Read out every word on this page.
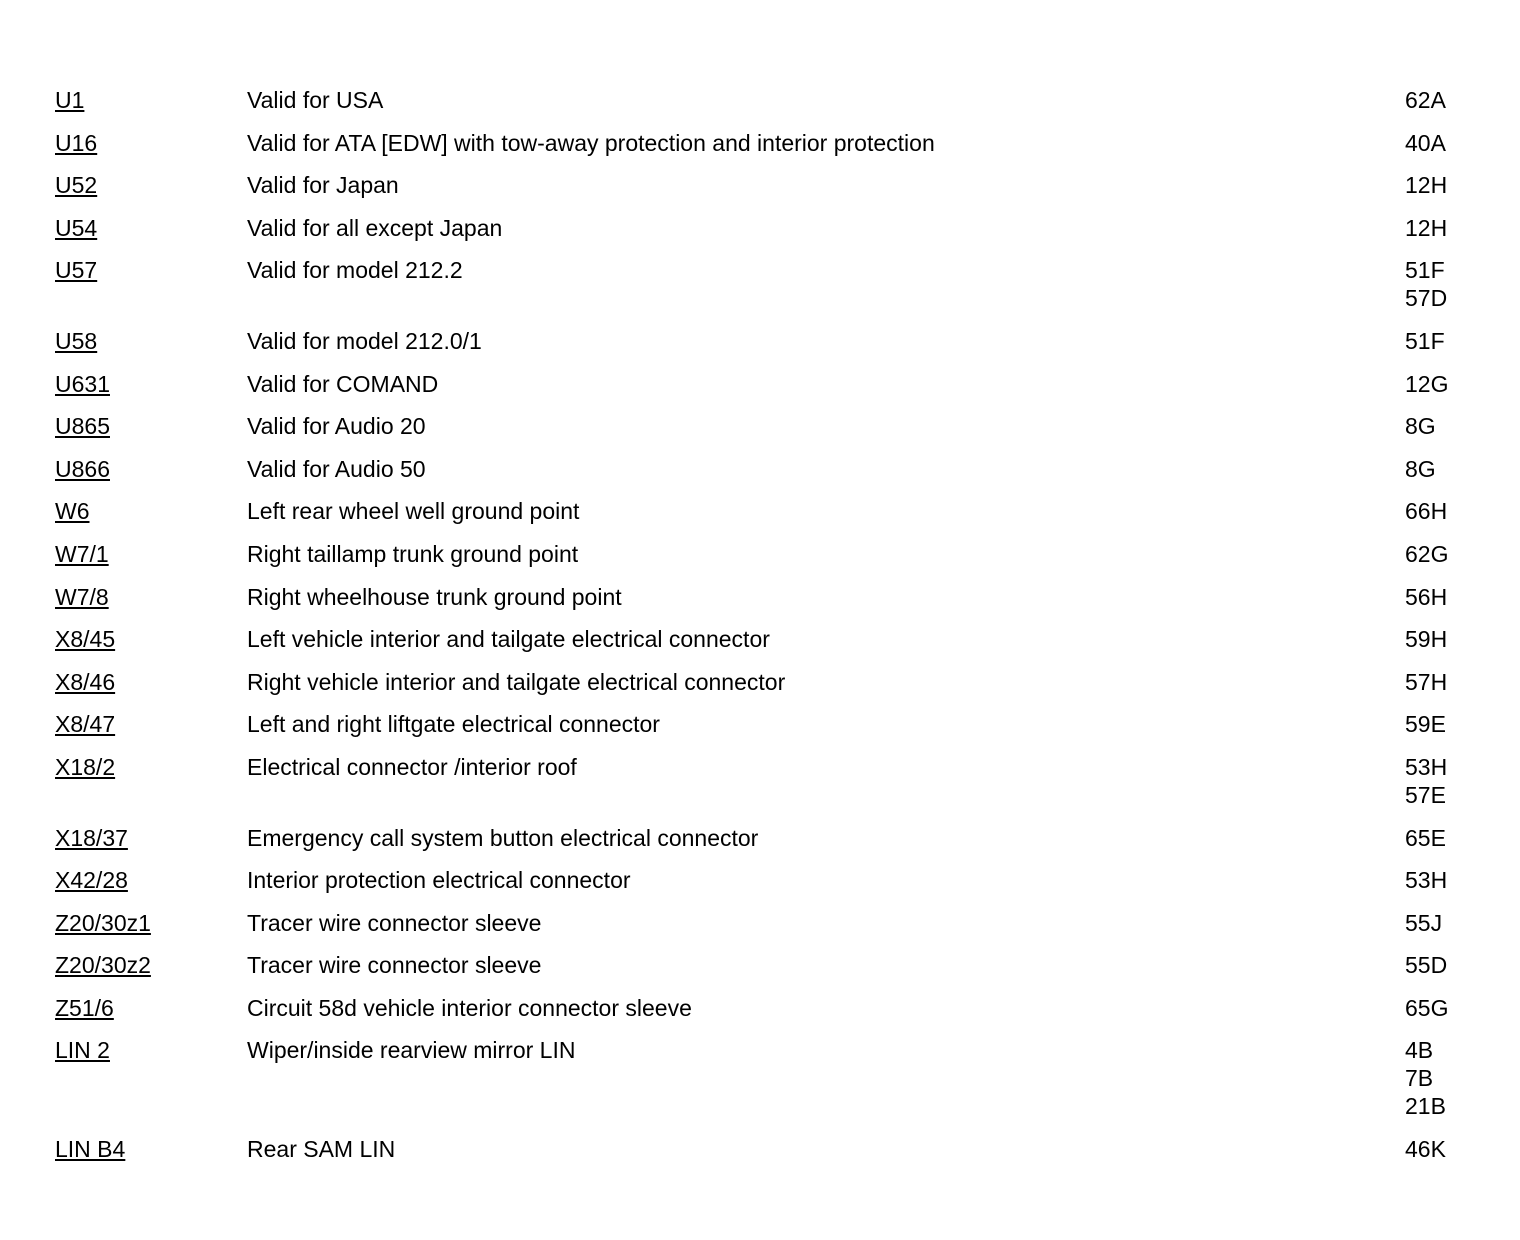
U1	Valid for USA	62A
U16	Valid for ATA [EDW] with tow-away protection and interior protection	40A
U52	Valid for Japan	12H
U54	Valid for all except Japan	12H
U57	Valid for model 212.2	51F
57D
U58	Valid for model 212.0/1	51F
U631	Valid for COMAND	12G
U865	Valid for Audio 20	8G
U866	Valid for Audio 50	8G
W6	Left rear wheel well ground point	66H
W7/1	Right taillamp trunk ground point	62G
W7/8	Right wheelhouse trunk ground point	56H
X8/45	Left vehicle interior and tailgate electrical connector	59H
X8/46	Right vehicle interior and tailgate electrical connector	57H
X8/47	Left and right liftgate electrical connector	59E
X18/2	Electrical connector /interior roof	53H
57E
X18/37	Emergency call system button electrical connector	65E
X42/28	Interior protection electrical connector	53H
Z20/30z1	Tracer wire connector sleeve	55J
Z20/30z2	Tracer wire connector sleeve	55D
Z51/6	Circuit 58d vehicle interior connector sleeve	65G
LIN 2	Wiper/inside rearview mirror LIN	4B
7B
21B
LIN B4	Rear SAM LIN	46K
